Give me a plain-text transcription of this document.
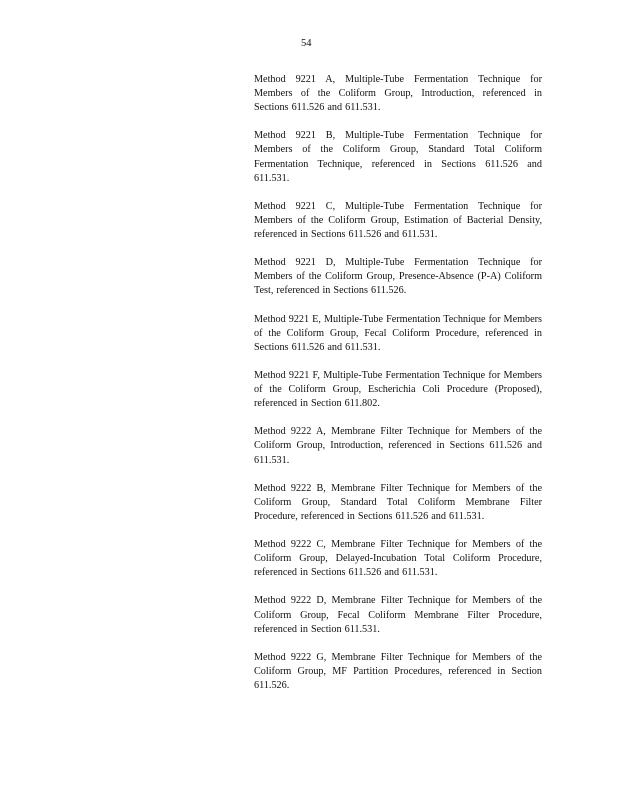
54
Method 9221 A, Multiple-Tube Fermentation Technique for Members of the Coliform Group, Introduction, referenced in Sections 611.526 and 611.531.
Method 9221 B, Multiple-Tube Fermentation Technique for Members of the Coliform Group, Standard Total Coliform Fermentation Technique, referenced in Sections 611.526 and 611.531.
Method 9221 C, Multiple-Tube Fermentation Technique for Members of the Coliform Group, Estimation of Bacterial Density, referenced in Sections 611.526 and 611.531.
Method 9221 D, Multiple-Tube Fermentation Technique for Members of the Coliform Group, Presence-Absence (P-A) Coliform Test, referenced in Sections 611.526.
Method 9221 E, Multiple-Tube Fermentation Technique for Members of the Coliform Group, Fecal Coliform Procedure, referenced in Sections 611.526 and 611.531.
Method 9221 F, Multiple-Tube Fermentation Technique for Members of the Coliform Group, Escherichia Coli Procedure (Proposed), referenced in Section 611.802.
Method 9222 A, Membrane Filter Technique for Members of the Coliform Group, Introduction, referenced in Sections 611.526 and 611.531.
Method 9222 B, Membrane Filter Technique for Members of the Coliform Group, Standard Total Coliform Membrane Filter Procedure, referenced in Sections 611.526 and 611.531.
Method 9222 C, Membrane Filter Technique for Members of the Coliform Group, Delayed-Incubation Total Coliform Procedure, referenced in Sections 611.526 and 611.531.
Method 9222 D, Membrane Filter Technique for Members of the Coliform Group, Fecal Coliform Membrane Filter Procedure, referenced in Section 611.531.
Method 9222 G, Membrane Filter Technique for Members of the Coliform Group, MF Partition Procedures, referenced in Section 611.526.
